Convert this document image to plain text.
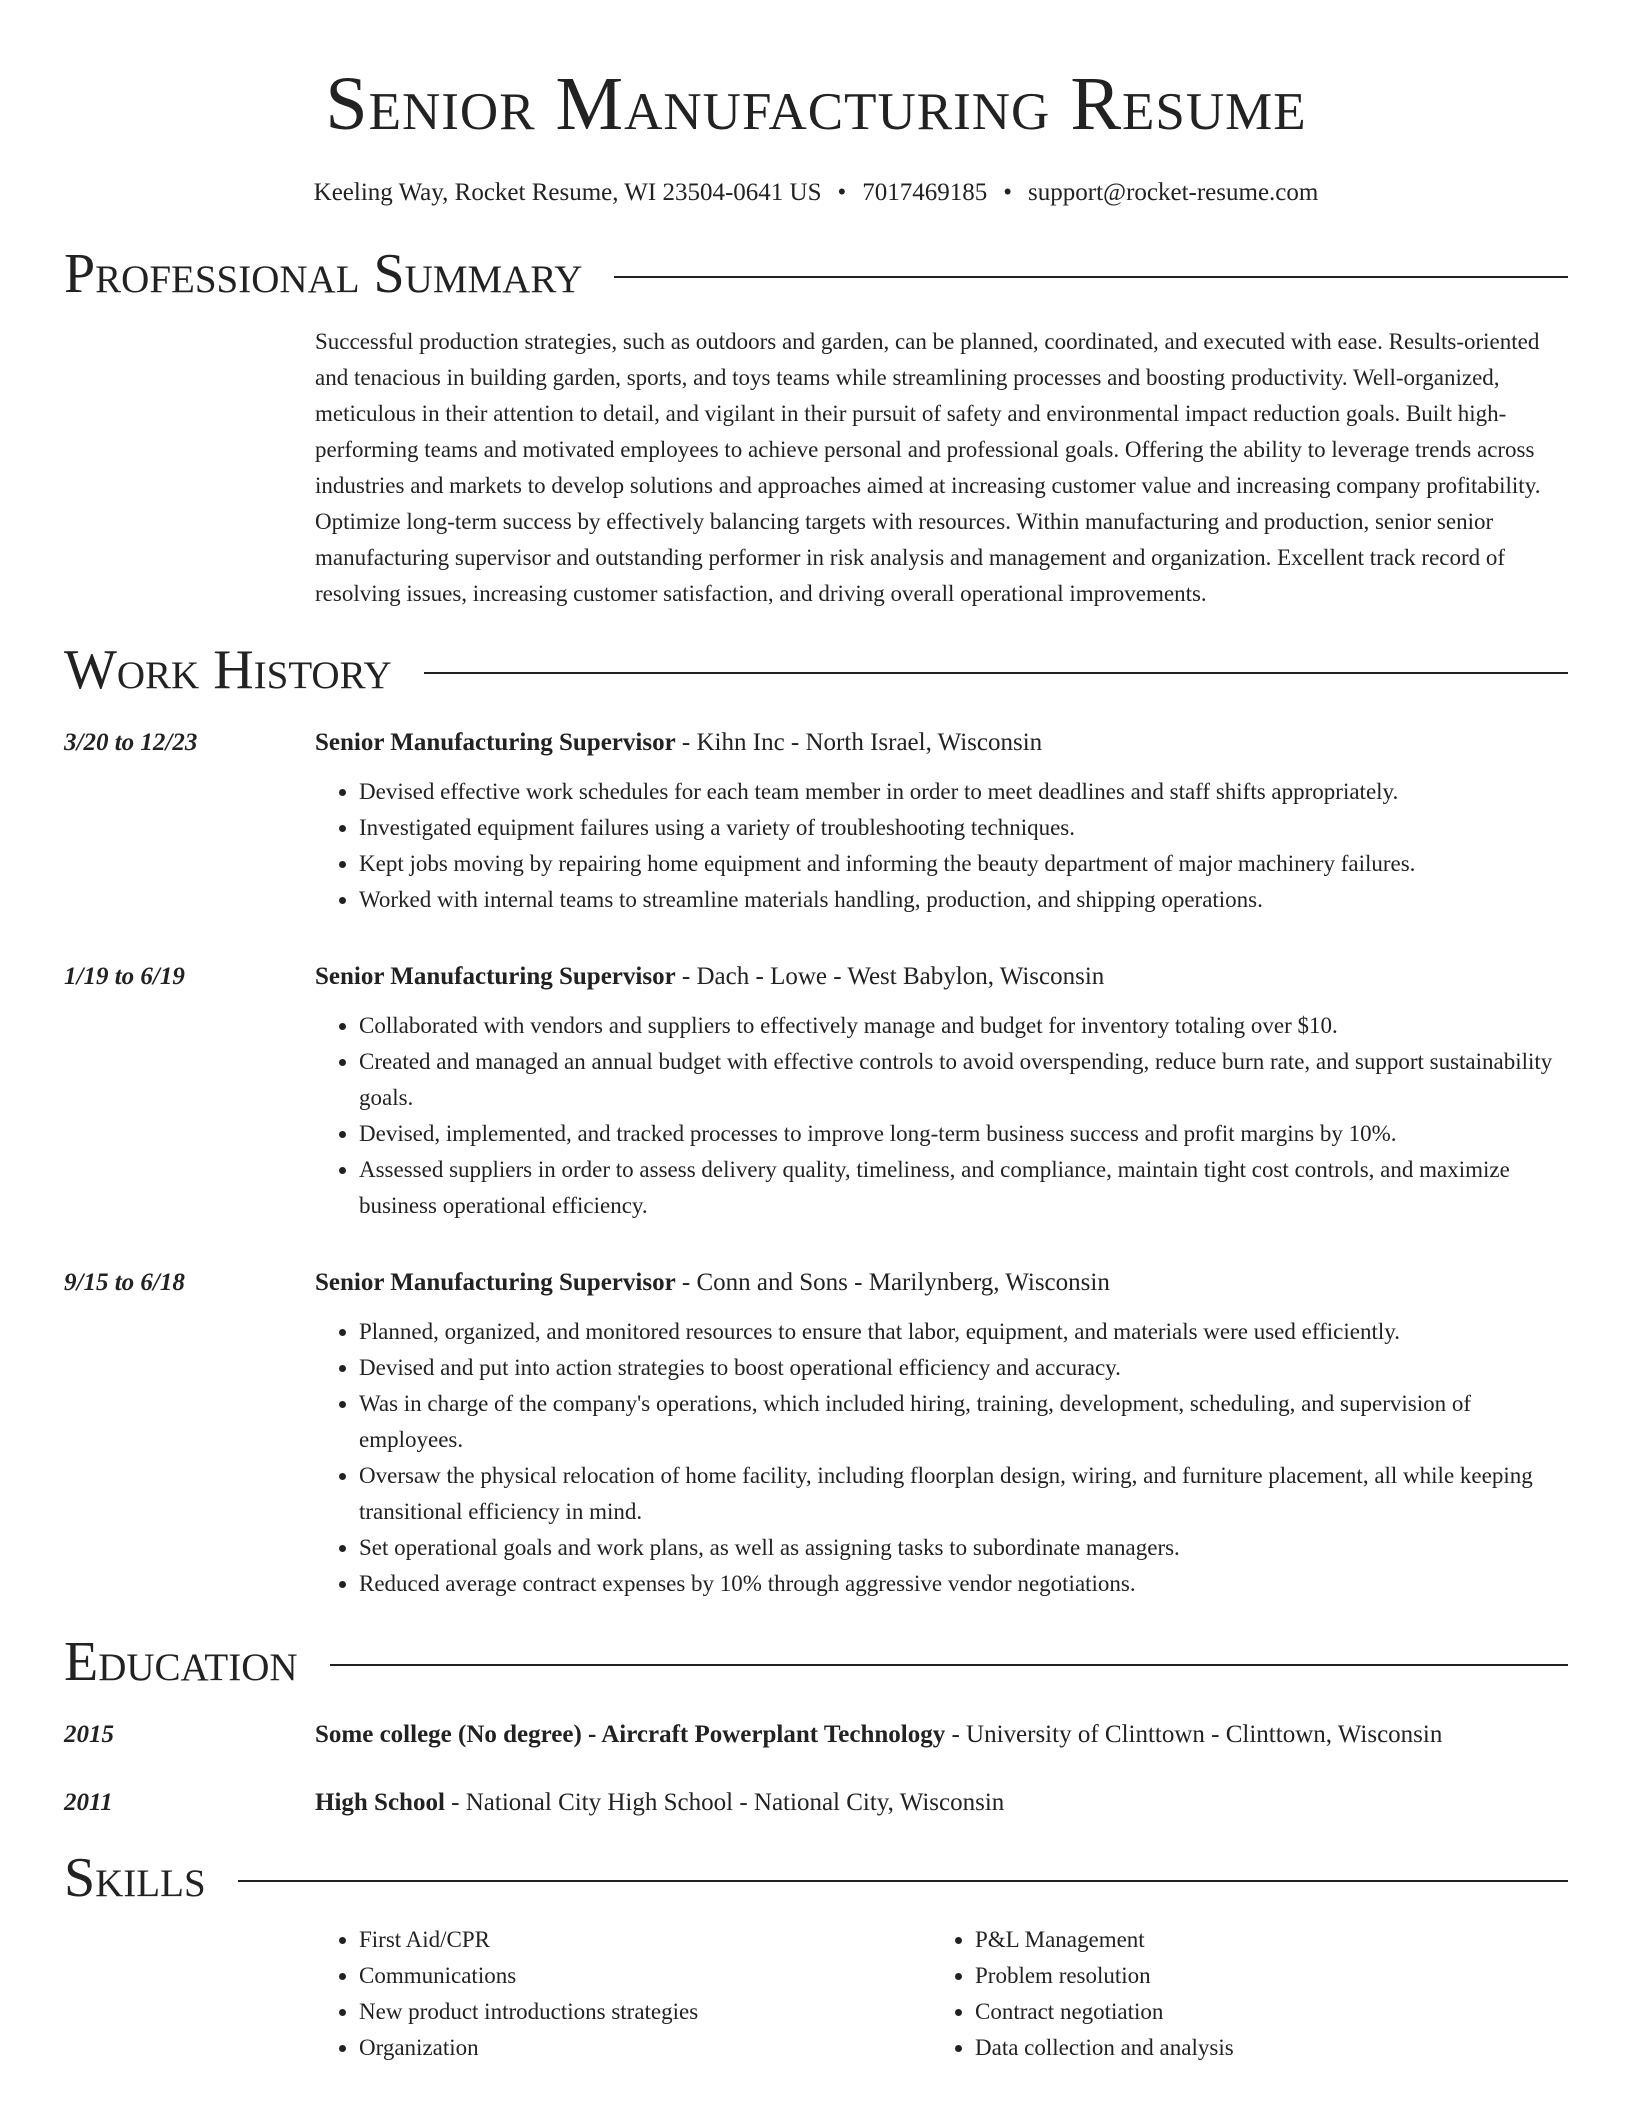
Senior Manufacturing Resume
Keeling Way, Rocket Resume, WI 23504-0641 US • 7017469185 • support@rocket-resume.com
Professional Summary
Successful production strategies, such as outdoors and garden, can be planned, coordinated, and executed with ease. Results-oriented and tenacious in building garden, sports, and toys teams while streamlining processes and boosting productivity. Well-organized, meticulous in their attention to detail, and vigilant in their pursuit of safety and environmental impact reduction goals. Built high-performing teams and motivated employees to achieve personal and professional goals. Offering the ability to leverage trends across industries and markets to develop solutions and approaches aimed at increasing customer value and increasing company profitability. Optimize long-term success by effectively balancing targets with resources. Within manufacturing and production, senior senior manufacturing supervisor and outstanding performer in risk analysis and management and organization. Excellent track record of resolving issues, increasing customer satisfaction, and driving overall operational improvements.
Work History
3/20 to 12/23	Senior Manufacturing Supervisor - Kihn Inc - North Israel, Wisconsin
• Devised effective work schedules for each team member in order to meet deadlines and staff shifts appropriately.
• Investigated equipment failures using a variety of troubleshooting techniques.
• Kept jobs moving by repairing home equipment and informing the beauty department of major machinery failures.
• Worked with internal teams to streamline materials handling, production, and shipping operations.
1/19 to 6/19	Senior Manufacturing Supervisor - Dach - Lowe - West Babylon, Wisconsin
• Collaborated with vendors and suppliers to effectively manage and budget for inventory totaling over $10.
• Created and managed an annual budget with effective controls to avoid overspending, reduce burn rate, and support sustainability goals.
• Devised, implemented, and tracked processes to improve long-term business success and profit margins by 10%.
• Assessed suppliers in order to assess delivery quality, timeliness, and compliance, maintain tight cost controls, and maximize business operational efficiency.
9/15 to 6/18	Senior Manufacturing Supervisor - Conn and Sons - Marilynberg, Wisconsin
• Planned, organized, and monitored resources to ensure that labor, equipment, and materials were used efficiently.
• Devised and put into action strategies to boost operational efficiency and accuracy.
• Was in charge of the company's operations, which included hiring, training, development, scheduling, and supervision of employees.
• Oversaw the physical relocation of home facility, including floorplan design, wiring, and furniture placement, all while keeping transitional efficiency in mind.
• Set operational goals and work plans, as well as assigning tasks to subordinate managers.
• Reduced average contract expenses by 10% through aggressive vendor negotiations.
Education
2015	Some college (No degree) - Aircraft Powerplant Technology - University of Clinttown - Clinttown, Wisconsin
2011	High School - National City High School - National City, Wisconsin
Skills
• First Aid/CPR
• Communications
• New product introductions strategies
• Organization
• P&L Management
• Problem resolution
• Contract negotiation
• Data collection and analysis
